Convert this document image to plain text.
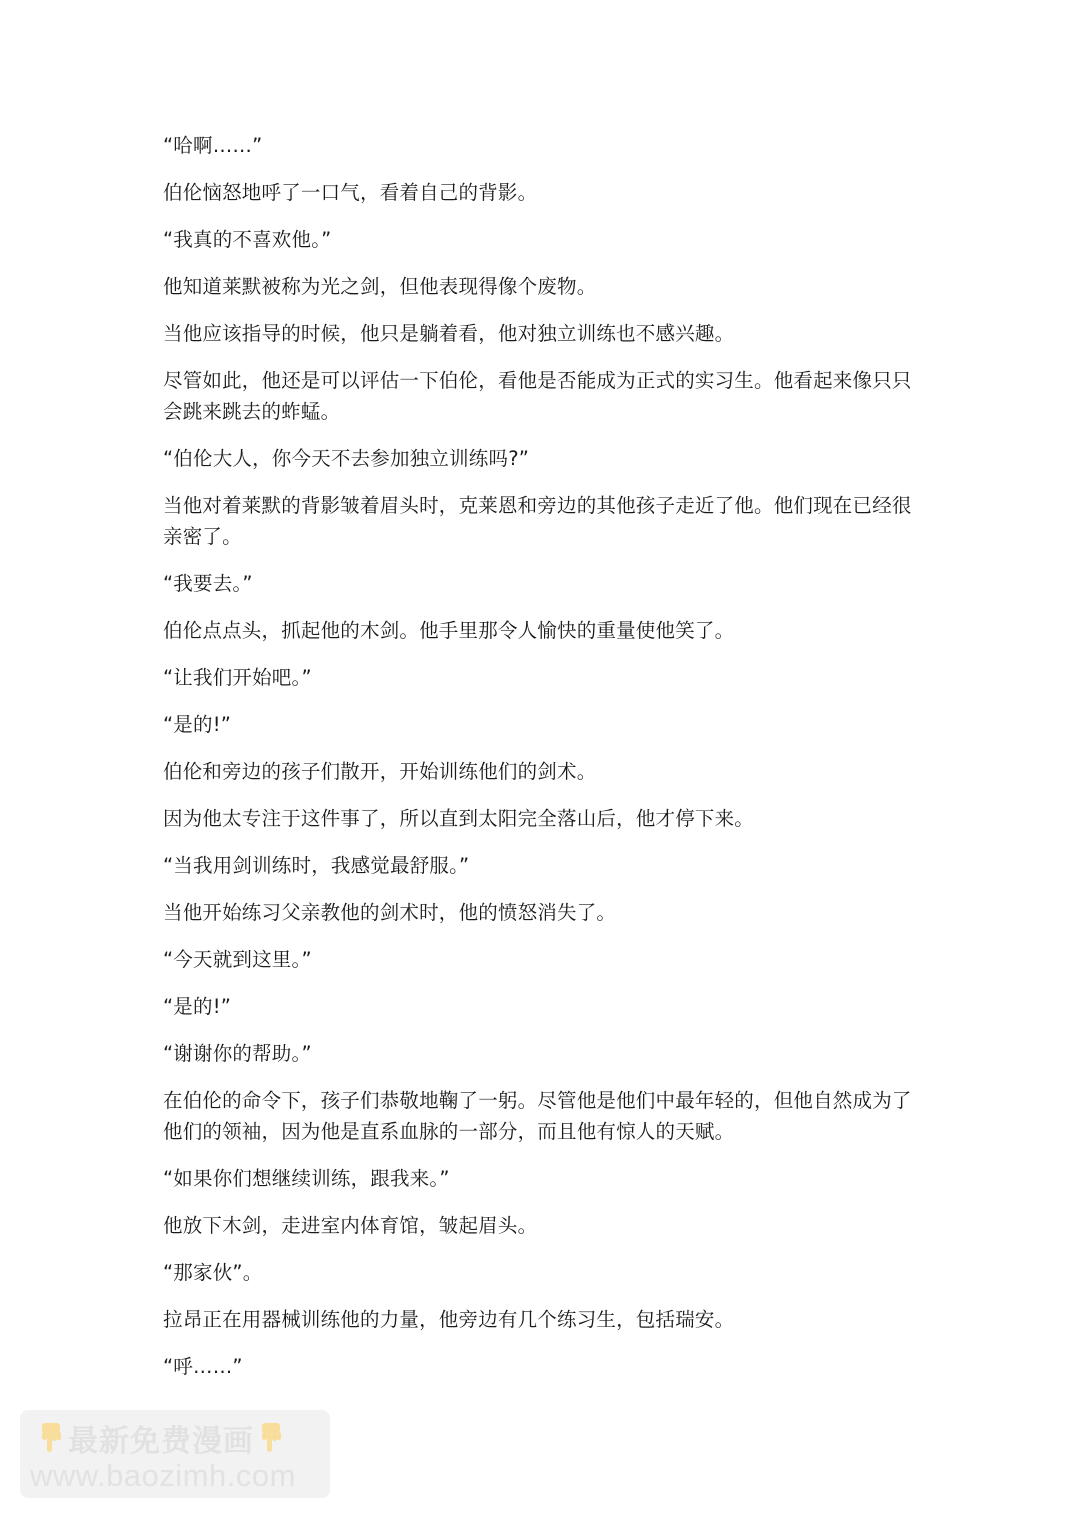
“哈啊……”

伯伦恼怒地呼了一口气，看着自己的背影。

“我真的不喜欢他。”

他知道莱默被称为光之剑，但他表现得像个废物。

当他应该指导的时候，他只是躺着看，他对独立训练也不感兴趣。

尽管如此，他还是可以评估一下伯伦，看他是否能成为正式的实习生。他看起来像只只会跳来跳去的蚱蜢。

“伯伦大人，你今天不去参加独立训练吗?”

当他对着莱默的背影皱着眉头时，克莱恩和旁边的其他孩子走近了他。他们现在已经很亲密了。

“我要去。”

伯伦点点头，抓起他的木剑。他手里那令人愉快的重量使他笑了。

“让我们开始吧。”

“是的!”

伯伦和旁边的孩子们散开，开始训练他们的剑术。

因为他太专注于这件事了，所以直到太阳完全落山后，他才停下来。

“当我用剑训练时，我感觉最舒服。”

当他开始练习父亲教他的剑术时，他的愤怒消失了。

“今天就到这里。”

“是的!”

“谢谢你的帮助。”

在伯伦的命令下，孩子们恭敬地鞠了一躬。尽管他是他们中最年轻的，但他自然成为了他们的领袖，因为他是直系血脉的一部分，而且他有惊人的天赋。

“如果你们想继续训练，跟我来。”

他放下木剑，走进室内体育馆，皱起眉头。

“那家伙”。

拉昂正在用器械训练他的力量，他旁边有几个练习生，包括瑞安。

“呼……”

最新免费漫画
www.baozimh.com
